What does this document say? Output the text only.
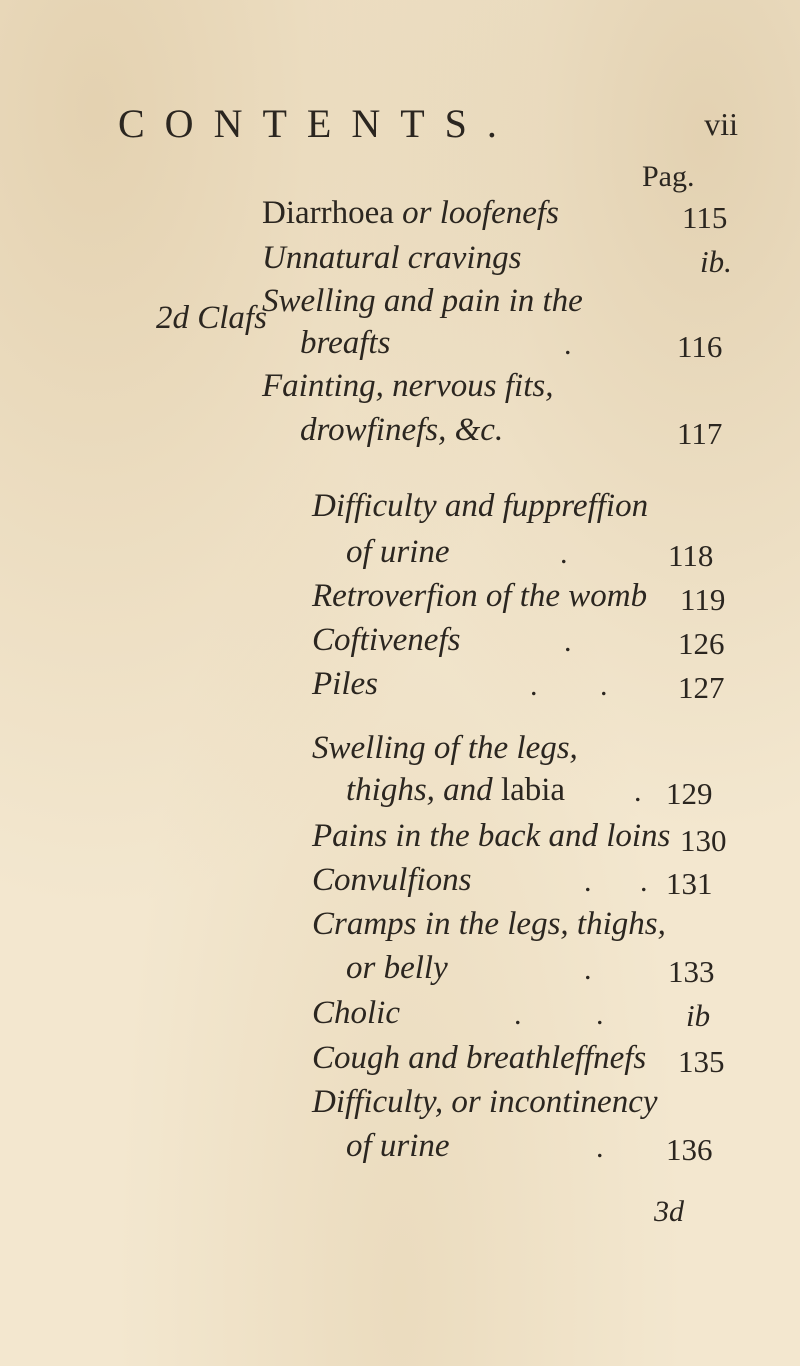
CONTENTS.	vii
Pag.
2d Clafs
Diarrhoea or loofenefs	115
Unnatural cravings	ib.
Swelling and pain in the
breafts	.	116
Fainting, nervous fits,
drowfinefs, &c.	117
Difficulty and fuppreffion
of urine	.	118
Retroverfion of the womb 119
Coftivenefs	.	126
Piles	. . 127
Swelling of the legs,
thighs, and labia . 129
Pains in the back and loins 130
Convulfions	. . 131
Cramps in the legs, thighs,
or belly	. 133
Cholic	. .	ib
Cough and breathleffnefs 135
Difficulty, or incontinency
of urine	. 136
3d
